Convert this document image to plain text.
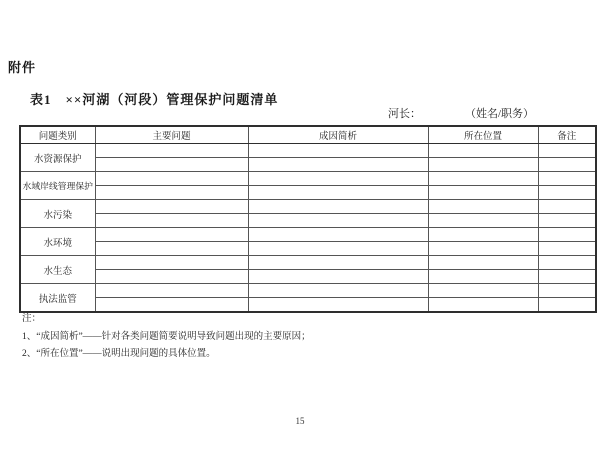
附件
表1　××河湖（河段）管理保护问题清单
河长：	（姓名/职务）
问题类别	主要问题	成因简析	所在位置	备注
水资源保护				

水域岸线管理保护				

水污染				

水环境				

水生态				

执法监管				

注：
1、“成因简析”——针对各类问题简要说明导致问题出现的主要原因；
2、“所在位置”——说明出现问题的具体位置。
15
